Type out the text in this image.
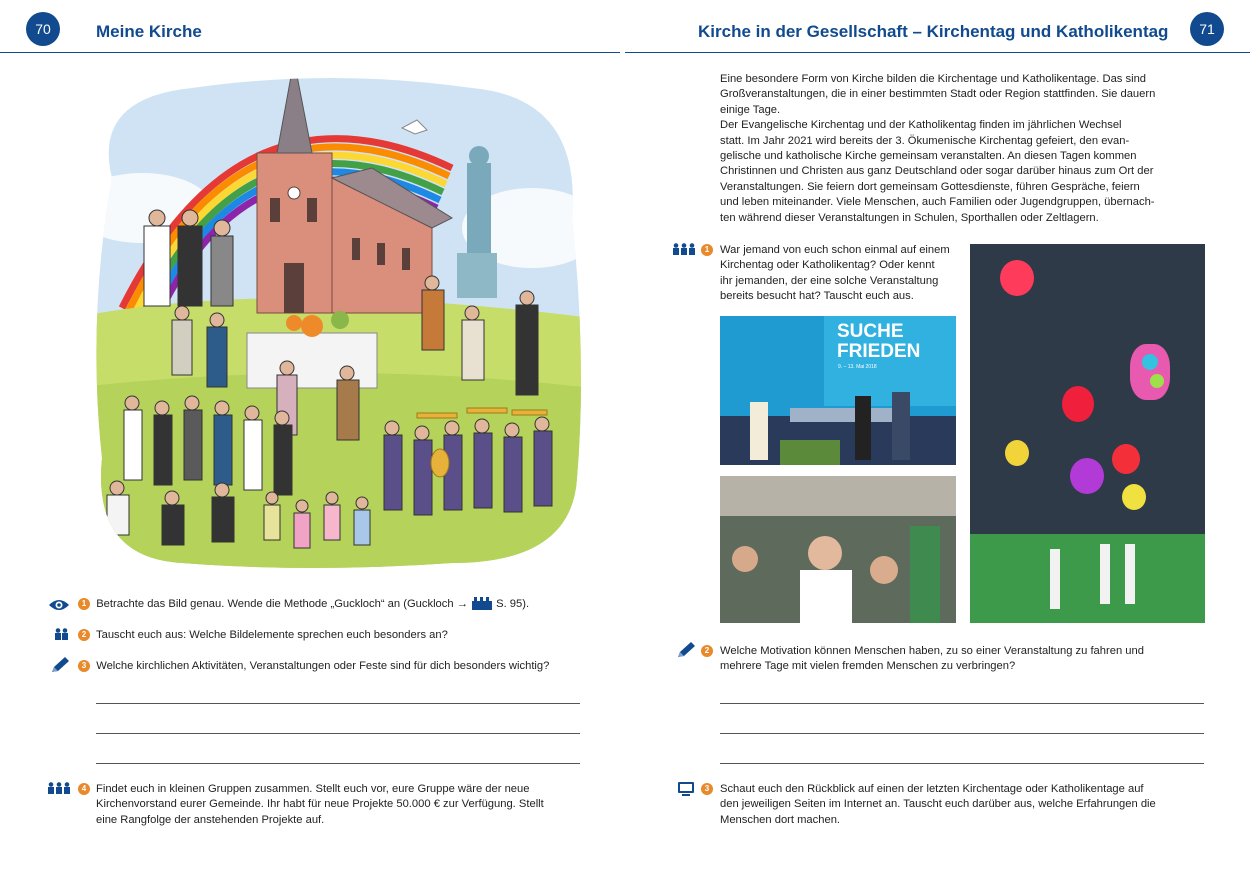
70	Meine Kirche
1 Betrachte das Bild genau. Wende die Methode „Guckloch“ an (Guckloch →	S. 95).
2 Tauscht euch aus: Welche Bildelemente sprechen euch besonders an?
3 Welche kirchlichen Aktivitäten, Veranstaltungen oder Feste sind für dich besonders wichtig?
4 Findet euch in kleinen Gruppen zusammen. Stellt euch vor, eure Gruppe wäre der neue
Kirchenvorstand eurer Gemeinde. Ihr habt für neue Projekte 50.000 € zur Verfügung. Stellt
eine Rangfolge der anstehenden Projekte auf.
Kirche in der Gesellschaft – Kirchentag und Katholikentag 71
Eine besondere Form von Kirche bilden die Kirchentage und Katholikentage. Das sind
Großveranstaltungen, die in einer bestimmten Stadt oder Region stattfinden. Sie dauern
einige Tage.
Der Evangelische Kirchentag und der Katholikentag finden im jährlichen Wechsel
statt. Im Jahr 2021 wird bereits der 3. Ökumenische Kirchentag gefeiert, den evan-
gelische und katholische Kirche gemeinsam veranstalten. An diesen Tagen kommen
Christinnen und Christen aus ganz Deutschland oder sogar darüber hinaus zum Ort der
Veranstaltungen. Sie feiern dort gemeinsam Gottesdienste, führen Gespräche, feiern
und leben miteinander. Viele Menschen, auch Familien oder Jugendgruppen, übernach-
ten während dieser Veranstaltungen in Schulen, Sporthallen oder Zeltlagern.
1 War jemand von euch schon einmal auf einem
Kirchentag oder Katholikentag? Oder kennt
ihr jemanden, der eine solche Veranstaltung
bereits besucht hat? Tauscht euch aus.
SUCHE
FRIEDEN
9. – 13. Mai 2018
2 Welche Motivation können Menschen haben, zu so einer Veranstaltung zu fahren und
mehrere Tage mit vielen fremden Menschen zu verbringen?
3 Schaut euch den Rückblick auf einen der letzten Kirchentage oder Katholikentage auf
den jeweiligen Seiten im Internet an. Tauscht euch darüber aus, welche Erfahrungen die
Menschen dort machen.
